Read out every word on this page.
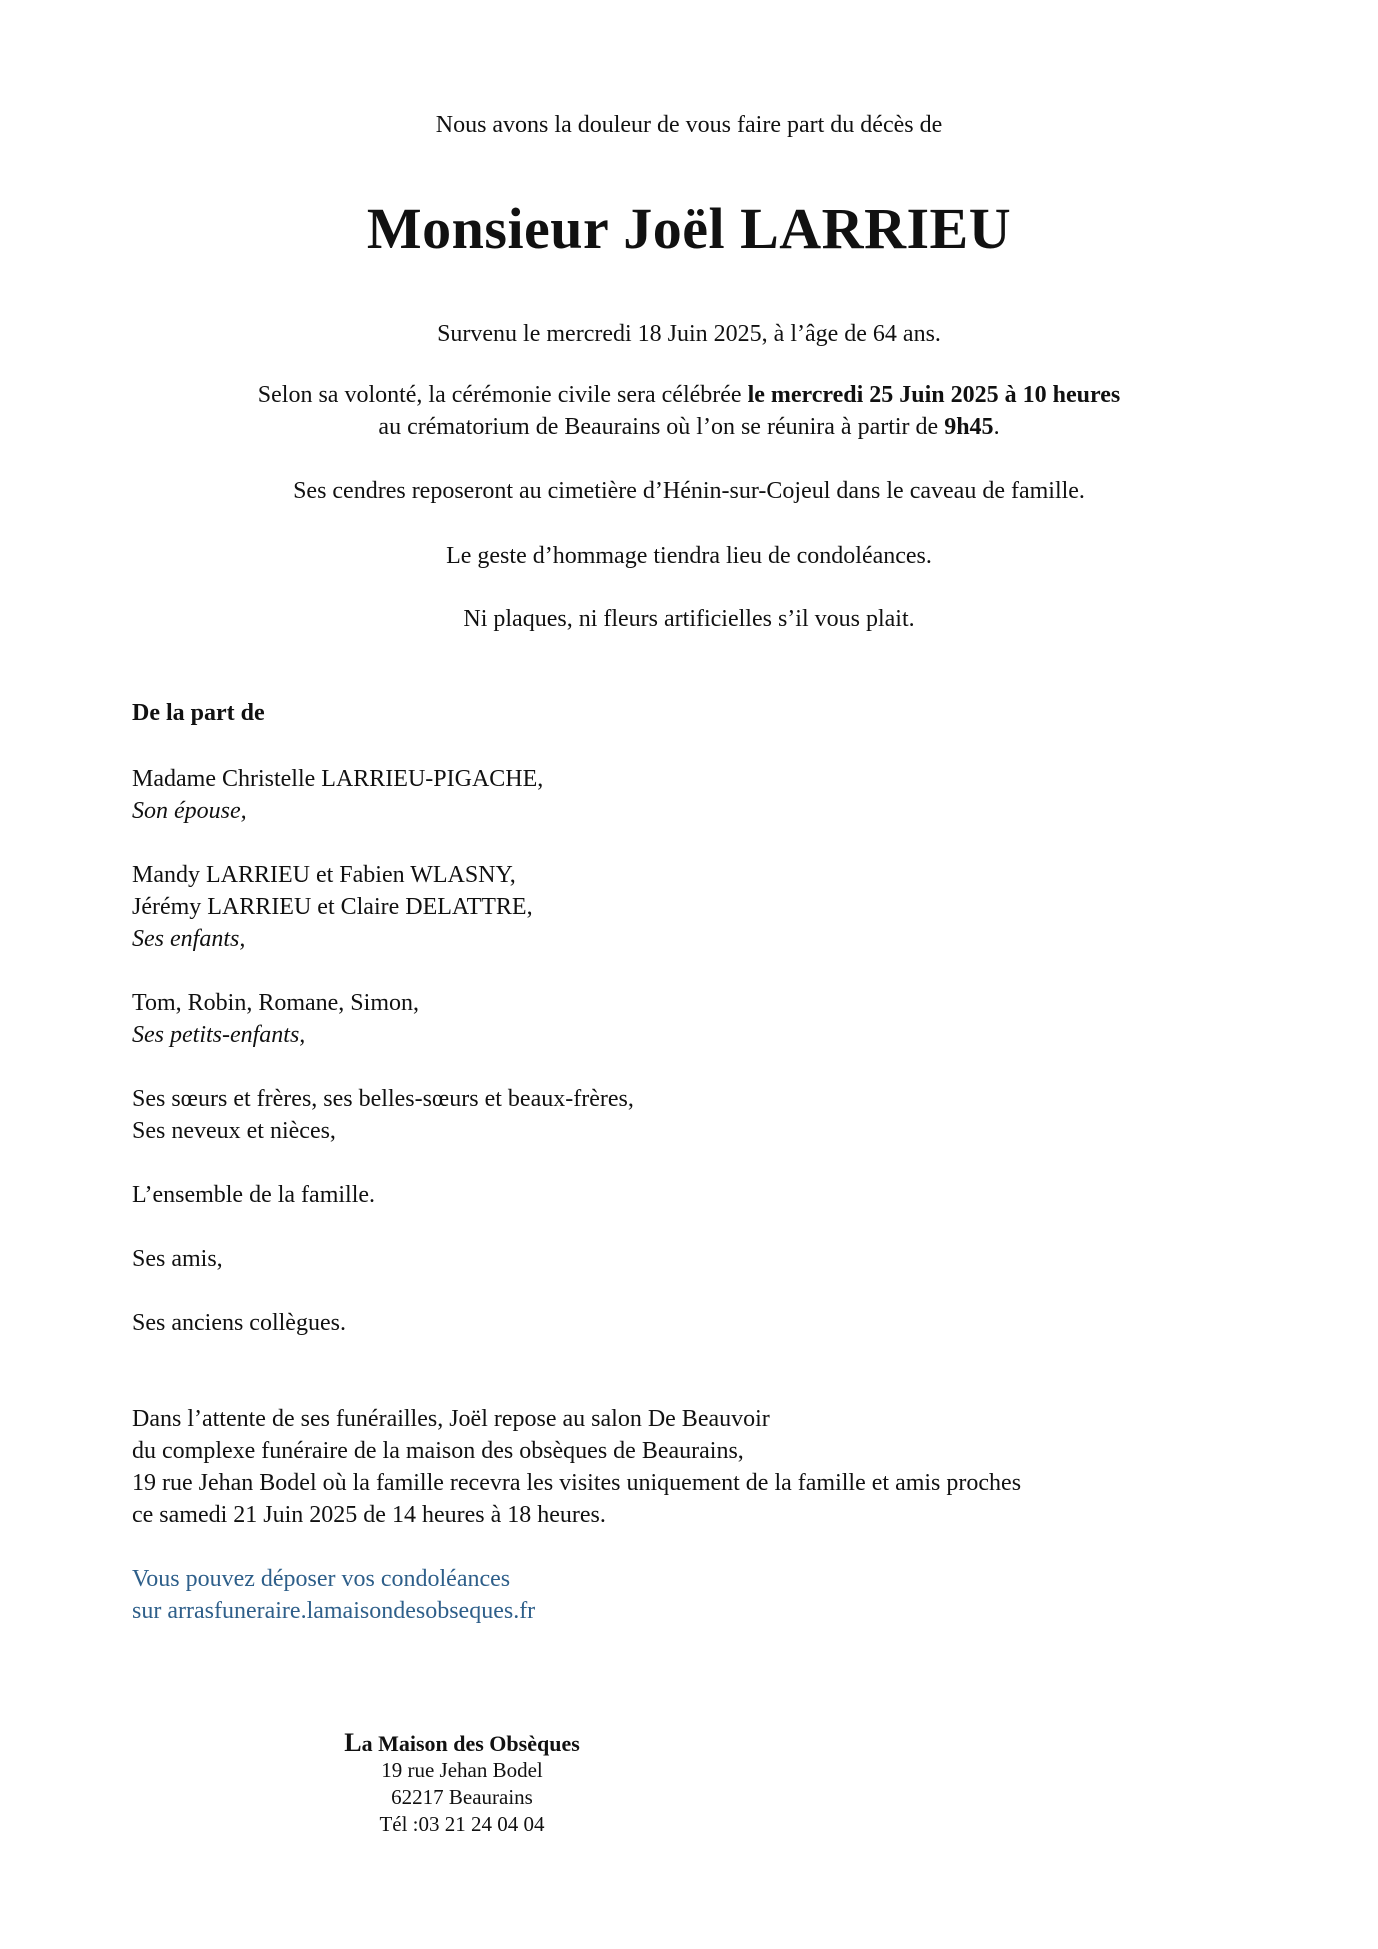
Nous avons la douleur de vous faire part du décès de
Monsieur Joël LARRIEU
Survenu le mercredi 18 Juin 2025, à l’âge de 64 ans.
Selon sa volonté, la cérémonie civile sera célébrée le mercredi 25 Juin 2025 à 10 heures
au crématorium de Beaurains où l’on se réunira à partir de 9h45.
Ses cendres reposeront au cimetière d’Hénin-sur-Cojeul dans le caveau de famille.
Le geste d’hommage tiendra lieu de condoléances.
Ni plaques, ni fleurs artificielles s’il vous plait.
De la part de
Madame Christelle LARRIEU-PIGACHE,
Son épouse,
Mandy LARRIEU et Fabien WLASNY,
Jérémy LARRIEU et Claire DELATTRE,
Ses enfants,
Tom, Robin, Romane, Simon,
Ses petits-enfants,
Ses sœurs et frères, ses belles-sœurs et beaux-frères,
Ses neveux et nièces,
L’ensemble de la famille.
Ses amis,
Ses anciens collègues.
Dans l’attente de ses funérailles, Joël repose au salon De Beauvoir
du complexe funéraire de la maison des obsèques de Beaurains,
19 rue Jehan Bodel où la famille recevra les visites uniquement de la famille et amis proches
ce samedi 21 Juin 2025 de 14 heures à 18 heures.
Vous pouvez déposer vos condoléances
sur arrasfuneraire.lamaisondesobseques.fr
La Maison des Obsèques
19 rue Jehan Bodel
62217 Beaurains
Tél :03 21 24 04 04
